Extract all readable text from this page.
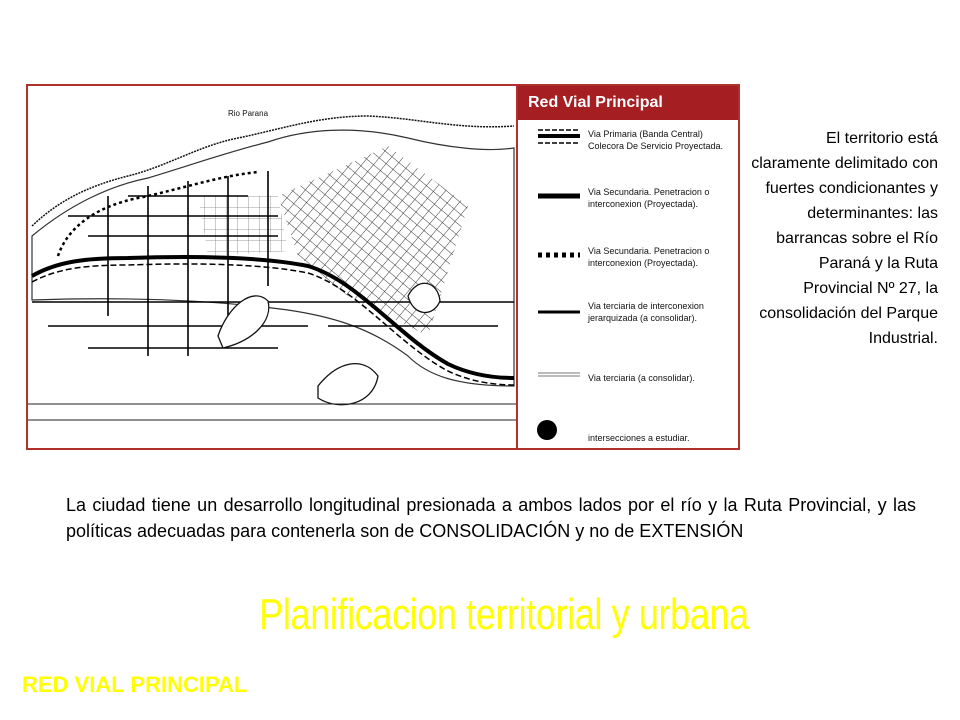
Rio Parana
Red Vial Principal
Via Primaria (Banda Central)
Colecora De Servicio Proyectada.
Via Secundaria. Penetracion o
interconexion (Proyectada).
Via Secundaria. Penetracion o
interconexion (Proyectada).
Via terciaria de interconexion
jerarquizada (a consolidar).
Via terciaria (a consolidar).
intersecciones a estudiar.
El territorio está claramente delimitado con fuertes condicionantes y determinantes: las barrancas sobre el Río Paraná y la Ruta Provincial Nº 27, la consolidación del Parque Industrial.
La ciudad tiene un desarrollo longitudinal presionada a ambos lados por el río y la Ruta Provincial, y las políticas adecuadas para contenerla son de CONSOLIDACIÓN y no de EXTENSIÓN
Planificacion territorial y urbana
RED VIAL PRINCIPAL
